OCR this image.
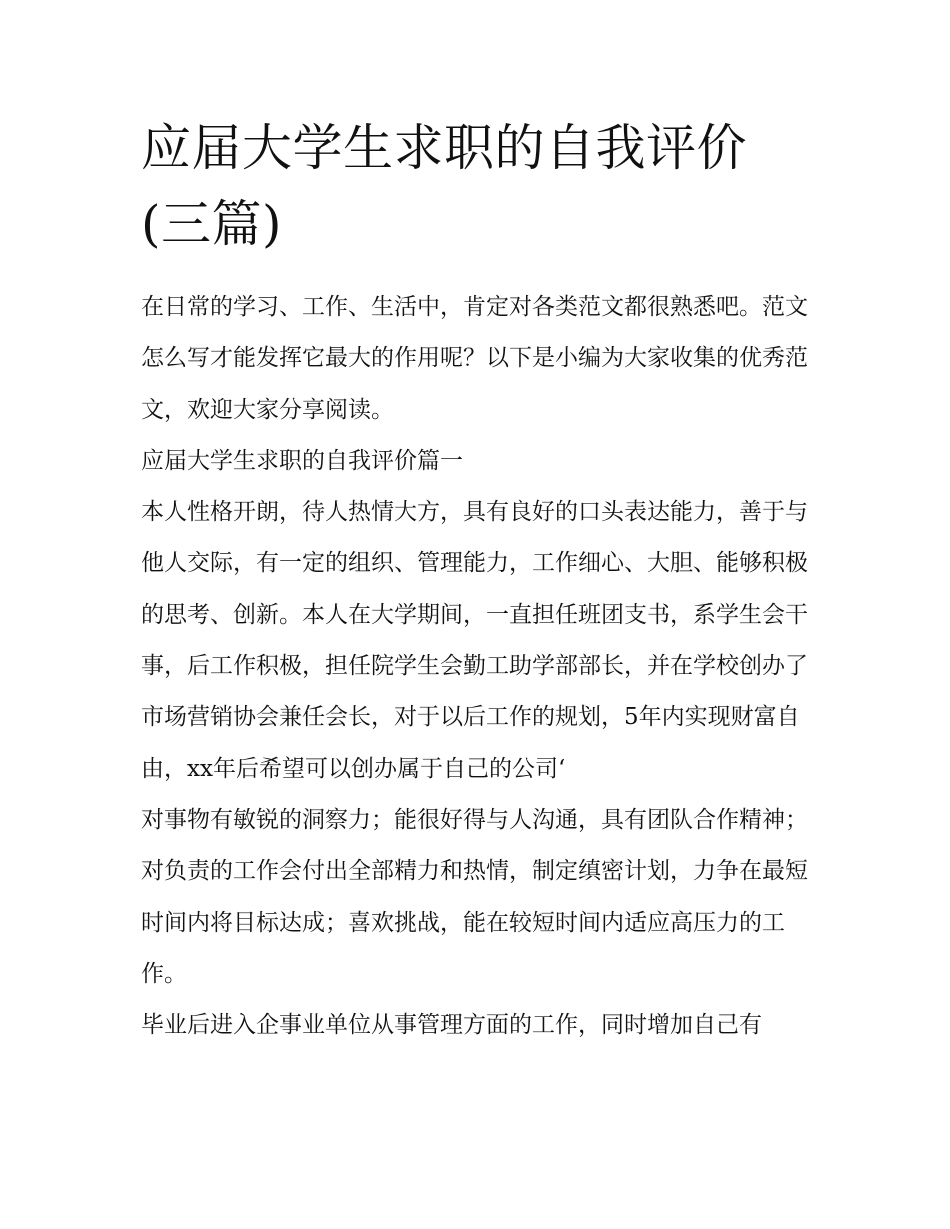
应届大学生求职的自我评价(三篇)

在日常的学习、工作、生活中，肯定对各类范文都很熟悉吧。范文怎么写才能发挥它最大的作用呢？以下是小编为大家收集的优秀范文，欢迎大家分享阅读。

应届大学生求职的自我评价篇一

本人性格开朗，待人热情大方，具有良好的口头表达能力，善于与他人交际，有一定的组织、管理能力，工作细心、大胆、能够积极的思考、创新。本人在大学期间，一直担任班团支书，系学生会干事，后工作积极，担任院学生会勤工助学部部长，并在学校创办了市场营销协会兼任会长，对于以后工作的规划，5年内实现财富自由，xx年后希望可以创办属于自己的公司‘

对事物有敏锐的洞察力；能很好得与人沟通，具有团队合作精神；对负责的工作会付出全部精力和热情，制定缜密计划，力争在最短时间内将目标达成；喜欢挑战，能在较短时间内适应高压力的工作。

毕业后进入企事业单位从事管理方面的工作，同时增加自己有
